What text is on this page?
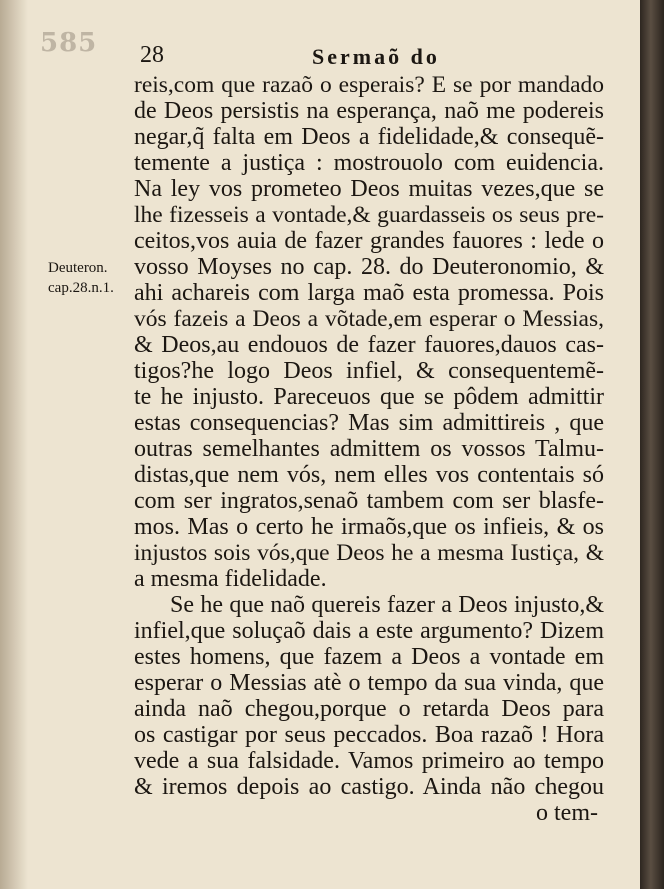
585 28	Sermaõ do
Deuteron.
cap.28.n.1.
reis,com que razaõ o esperais? E se por mandado
de Deos persistis na esperança, naõ me podereis
negar,q̃ falta em Deos a fidelidade,& consequẽ-
temente a justiça : mostrouolo com euidencia.
Na ley vos prometeo Deos muitas vezes,que se
lhe fizesseis a vontade,& guardasseis os seus pre-
ceitos,vos auia de fazer grandes fauores : lede o
vosso Moyses no cap. 28. do Deuteronomio, &
ahi achareis com larga maõ esta promessa. Pois
vós fazeis a Deos a võtade,em esperar o Messias,
& Deos,au endouos de fazer fauores,dauos cas-
tigos?he logo Deos infiel, & consequentemẽ-
te he injusto. Pareceuos que se pôdem admittir
estas consequencias? Mas sim admittireis , que
outras semelhantes admittem os vossos Talmu-
distas,que nem vós, nem elles vos contentais só
com ser ingratos,senaõ tambem com ser blasfe-
mos. Mas o certo he irmaõs,que os infieis, & os
injustos sois vós,que Deos he a mesma Iustiça, &
a mesma fidelidade.
Se he que naõ quereis fazer a Deos injusto,&
infiel,que soluçaõ dais a este argumento? Dizem
estes homens, que fazem a Deos a vontade em
esperar o Messias atè o tempo da sua vinda, que
ainda naõ chegou,porque o retarda Deos para
os castigar por seus peccados. Boa razaõ ! Hora
vede a sua falsidade. Vamos primeiro ao tempo
& iremos depois ao castigo. Ainda não chegou
o tem-
